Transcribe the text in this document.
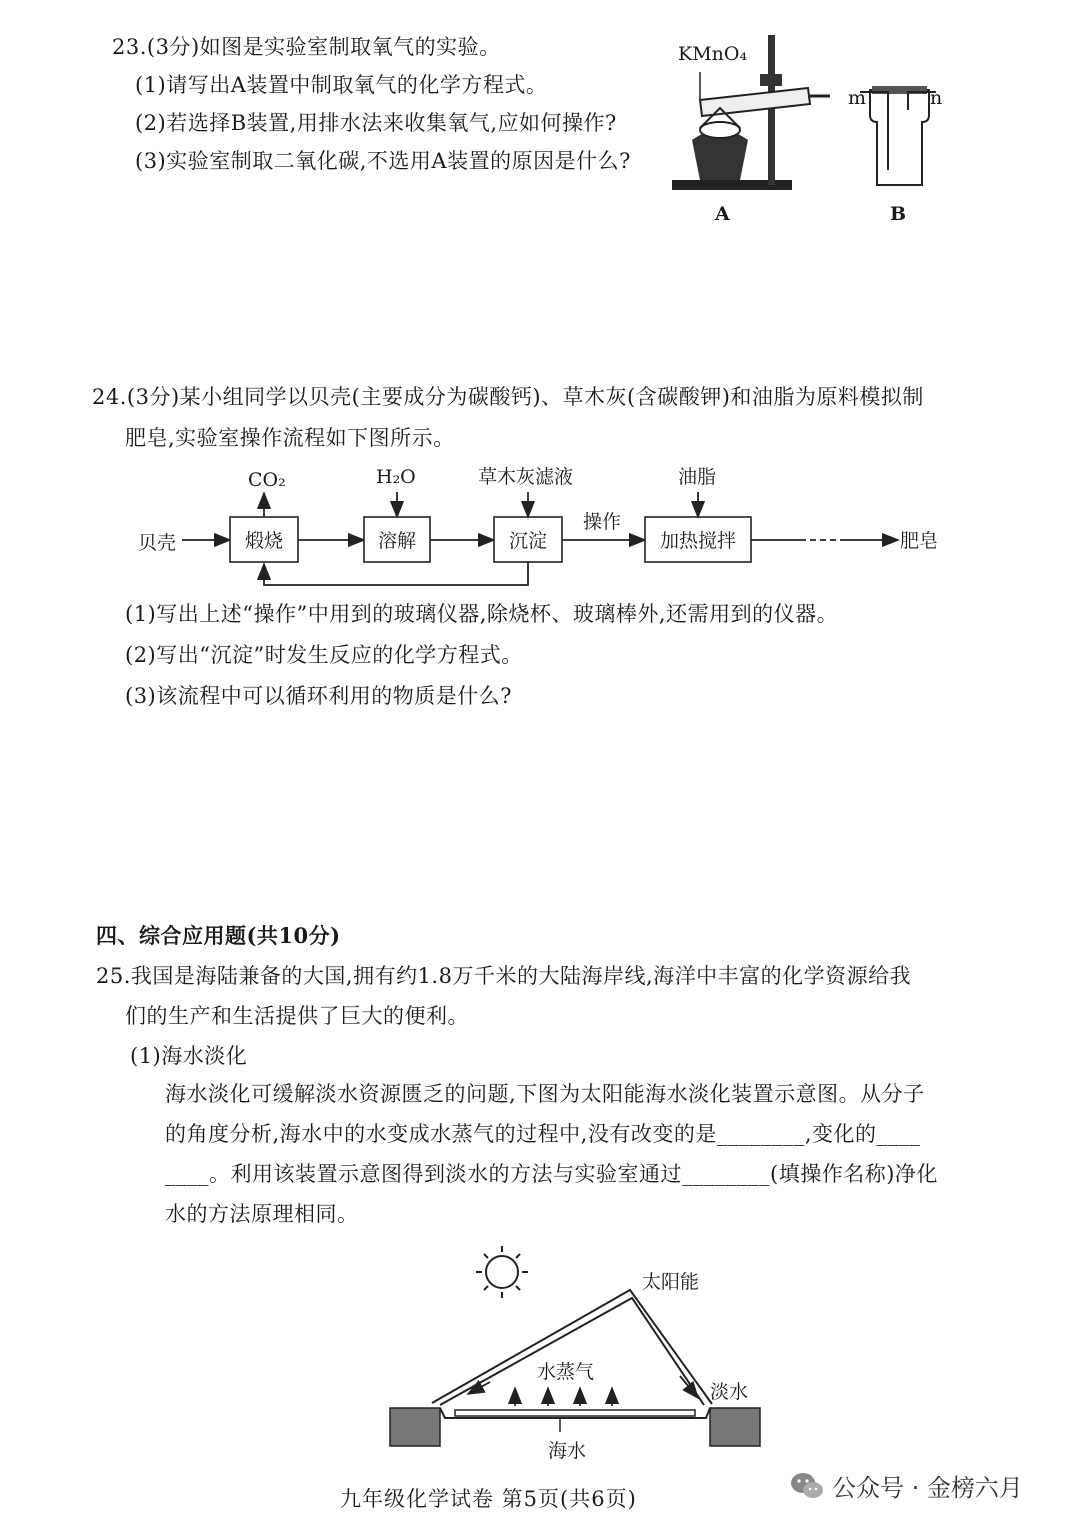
23.(3分)如图是实验室制取氧气的实验。
(1)请写出A装置中制取氧气的化学方程式。
(2)若选择B装置,用排水法来收集氧气,应如何操作?
(3)实验室制取二氧化碳,不选用A装置的原因是什么?
KMnO₄
A
m	n
B
24.(3分)某小组同学以贝壳(主要成分为碳酸钙)、草木灰(含碳酸钾)和油脂为原料模拟制
肥皂,实验室操作流程如下图所示。
贝壳	煅烧	溶解	沉淀
操作
加热搅拌	肥皂
CO₂	H₂O	草木灰滤液	油脂
(1)写出上述“操作”中用到的玻璃仪器,除烧杯、玻璃棒外,还需用到的仪器。
(2)写出“沉淀”时发生反应的化学方程式。
(3)该流程中可以循环利用的物质是什么?
四、综合应用题(共10分)
25.我国是海陆兼备的大国,拥有约1.8万千米的大陆海岸线,海洋中丰富的化学资源给我
们的生产和生活提供了巨大的便利。
(1)海水淡化
海水淡化可缓解淡水资源匮乏的问题,下图为太阳能海水淡化装置示意图。从分子
的角度分析,海水中的水变成水蒸气的过程中,没有改变的是________,变化的____
____。利用该装置示意图得到淡水的方法与实验室通过________(填操作名称)净化
水的方法原理相同。
太阳能
水蒸气
淡水
海水
九年级化学试卷 第5页(共6页)	公众号 · 金榜六月
